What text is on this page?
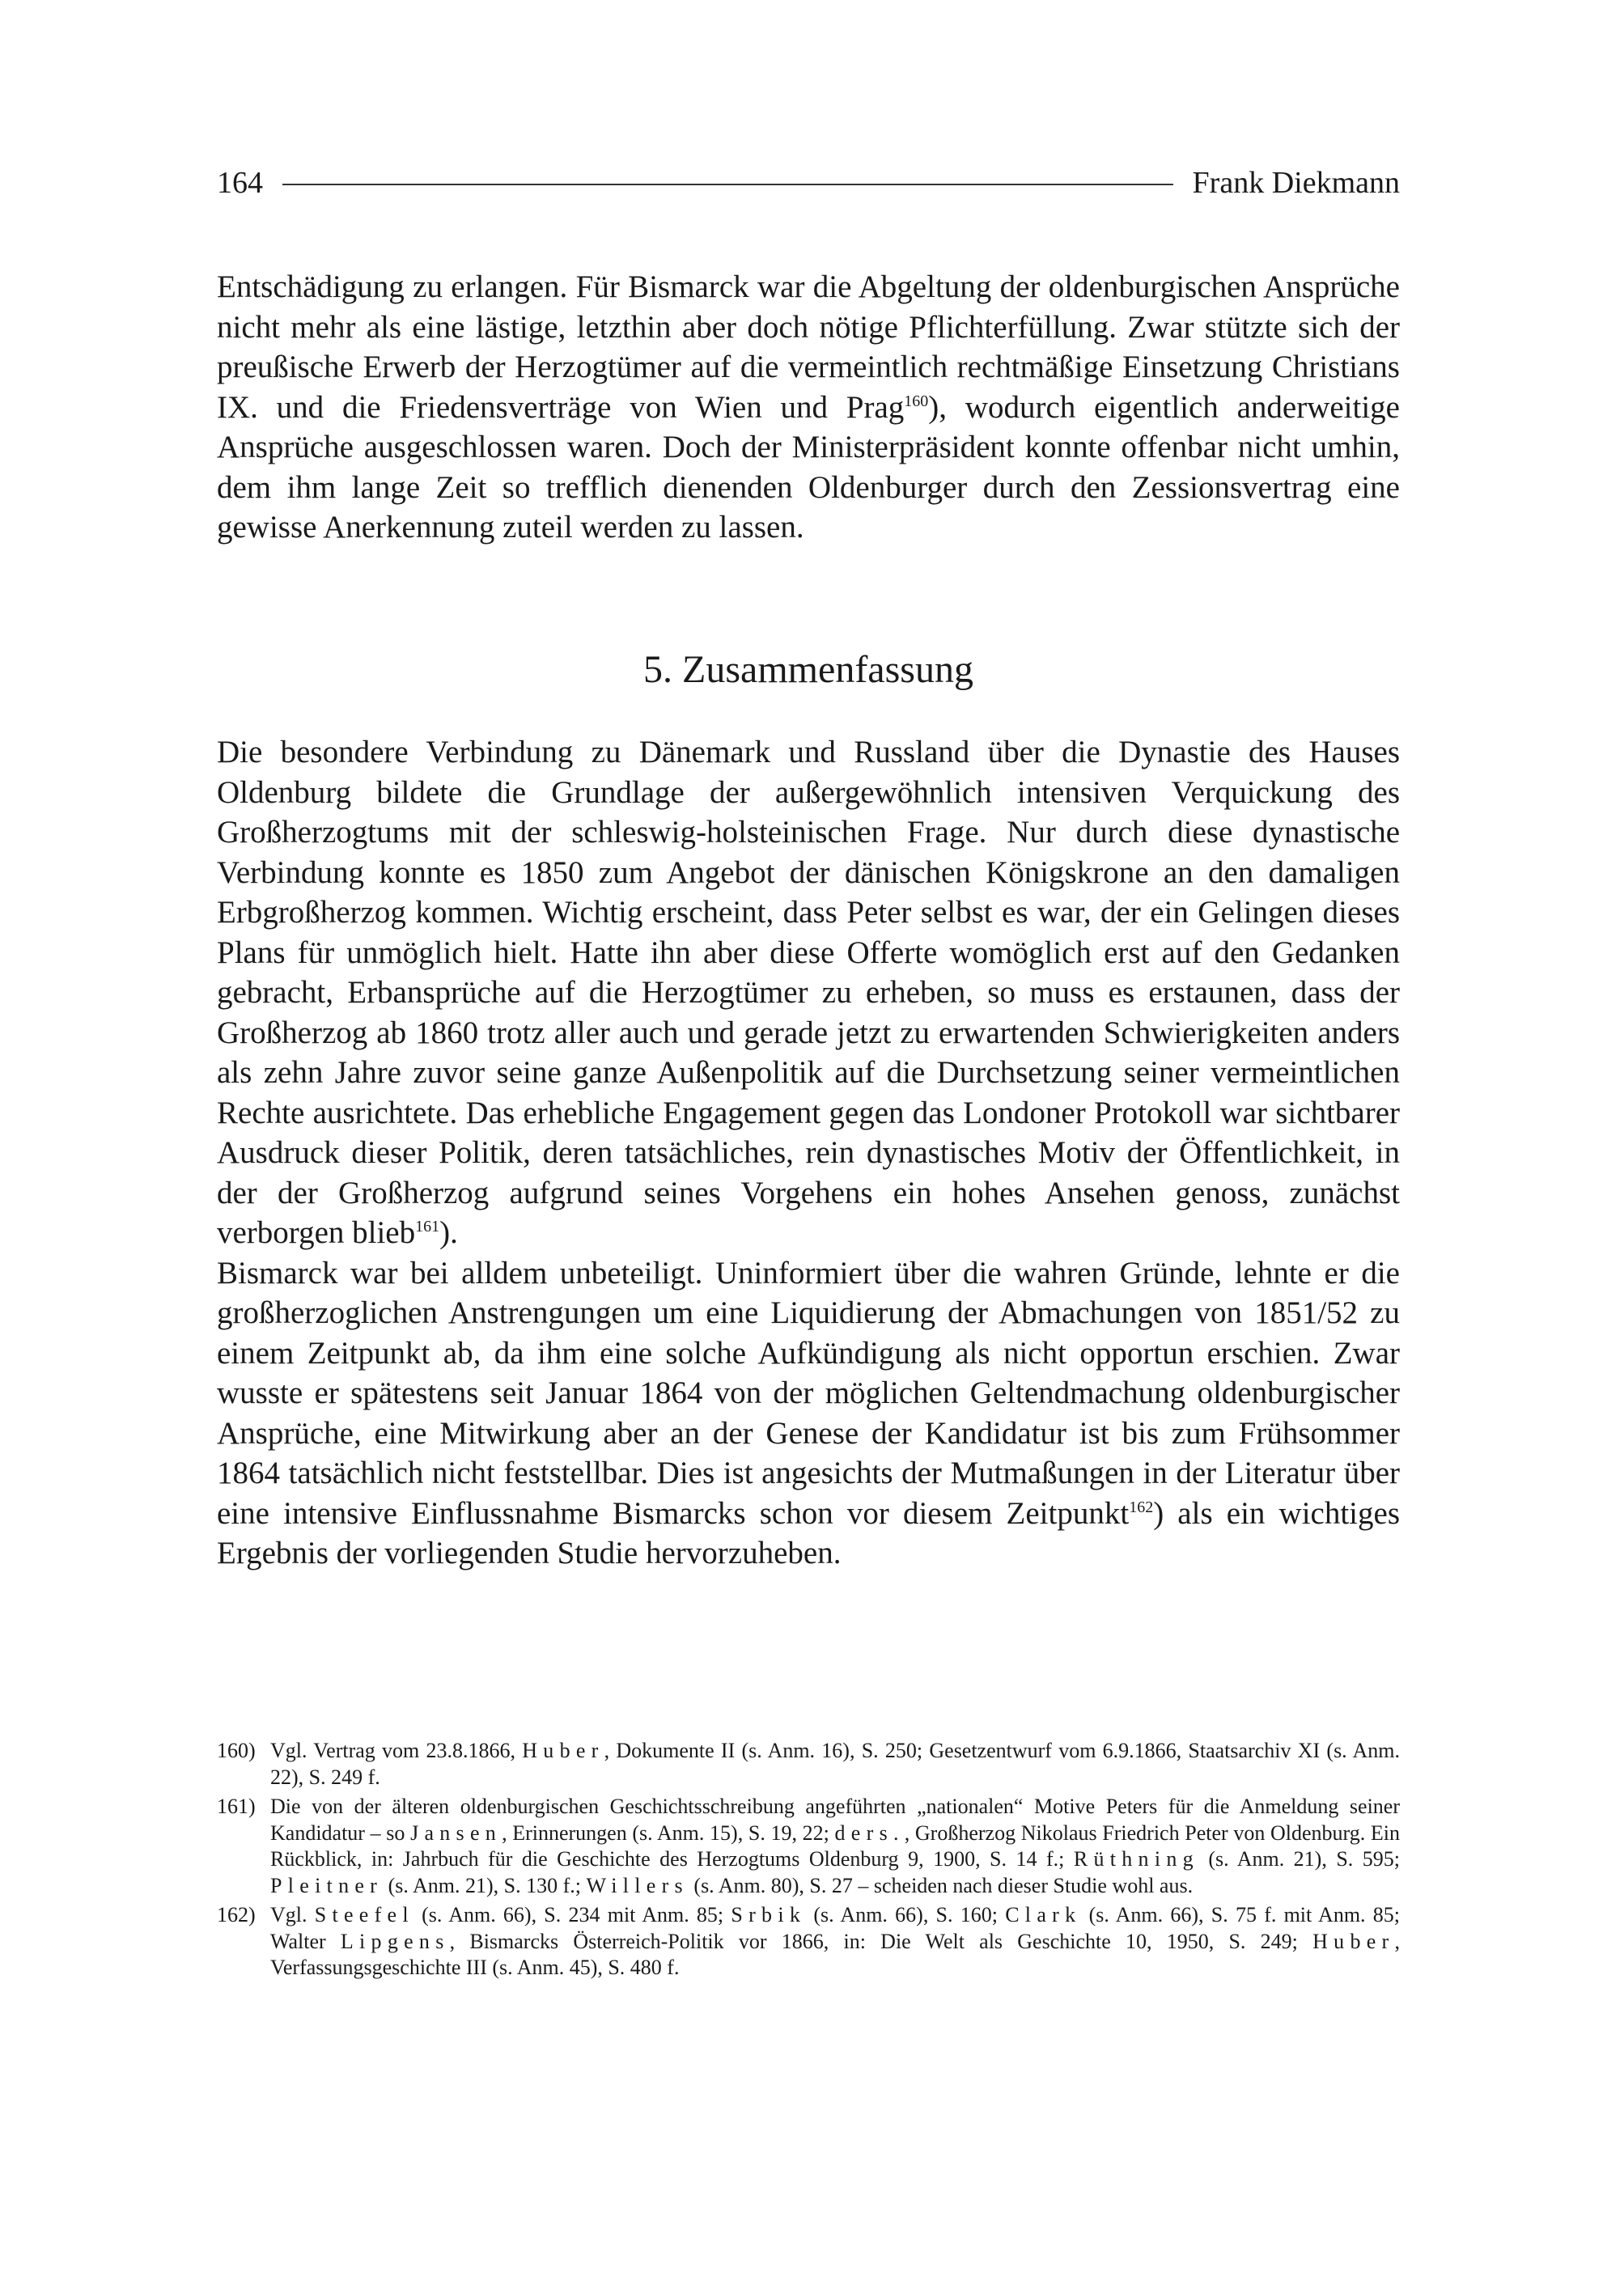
164	Frank Diekmann

Entschädigung zu erlangen. Für Bismarck war die Abgeltung der oldenburgischen Ansprüche nicht mehr als eine lästige, letzthin aber doch nötige Pflichterfüllung. Zwar stützte sich der preußische Erwerb der Herzogtümer auf die vermeintlich rechtmäßige Einsetzung Christians IX. und die Friedensverträge von Wien und Prag$^{160}$), wodurch eigentlich anderweitige Ansprüche ausgeschlossen waren. Doch der Ministerpräsident konnte offenbar nicht umhin, dem ihm lange Zeit so trefflich dienenden Oldenburger durch den Zessionsvertrag eine gewisse Anerkennung zuteil werden zu lassen.

5. Zusammenfassung

Die besondere Verbindung zu Dänemark und Russland über die Dynastie des Hauses Oldenburg bildete die Grundlage der außergewöhnlich intensiven Verquickung des Großherzogtums mit der schleswig-holsteinischen Frage. Nur durch diese dynastische Verbindung konnte es 1850 zum Angebot der dänischen Königskrone an den damaligen Erbgroßherzog kommen. Wichtig erscheint, dass Peter selbst es war, der ein Gelingen dieses Plans für unmöglich hielt. Hatte ihn aber diese Offerte womöglich erst auf den Gedanken gebracht, Erbansprüche auf die Herzogtümer zu erheben, so muss es erstaunen, dass der Großherzog ab 1860 trotz aller auch und gerade jetzt zu erwartenden Schwierigkeiten anders als zehn Jahre zuvor seine ganze Außenpolitik auf die Durchsetzung seiner vermeintlichen Rechte ausrichtete. Das erhebliche Engagement gegen das Londoner Protokoll war sichtbarer Ausdruck dieser Politik, deren tatsächliches, rein dynastisches Motiv der Öffentlichkeit, in der der Großherzog aufgrund seines Vorgehens ein hohes Ansehen genoss, zunächst verborgen blieb$^{161}$).

Bismarck war bei alldem unbeteiligt. Uninformiert über die wahren Gründe, lehnte er die großherzoglichen Anstrengungen um eine Liquidierung der Abmachungen von 1851/52 zu einem Zeitpunkt ab, da ihm eine solche Aufkündigung als nicht opportun erschien. Zwar wusste er spätestens seit Januar 1864 von der möglichen Geltendmachung oldenburgischer Ansprüche, eine Mitwirkung aber an der Genese der Kandidatur ist bis zum Frühsommer 1864 tatsächlich nicht feststellbar. Dies ist angesichts der Mutmaßungen in der Literatur über eine intensive Einflussnahme Bismarcks schon vor diesem Zeitpunkt$^{162}$) als ein wichtiges Ergebnis der vorliegenden Studie hervorzuheben.

160) Vgl. Vertrag vom 23.8.1866, Huber, Dokumente II (s. Anm. 16), S. 250; Gesetzentwurf vom 6.9.1866, Staatsarchiv XI (s. Anm. 22), S. 249 f.
161) Die von der älteren oldenburgischen Geschichtsschreibung angeführten „nationalen“ Motive Peters für die Anmeldung seiner Kandidatur – so Jansen, Erinnerungen (s. Anm. 15), S. 19, 22; ders., Großherzog Nikolaus Friedrich Peter von Oldenburg. Ein Rückblick, in: Jahrbuch für die Geschichte des Herzogtums Oldenburg 9, 1900, S. 14 f.; Rüthning (s. Anm. 21), S. 595; Pleitner (s. Anm. 21), S. 130 f.; Willers (s. Anm. 80), S. 27 – scheiden nach dieser Studie wohl aus.
162) Vgl. Steefel (s. Anm. 66), S. 234 mit Anm. 85; Srbik (s. Anm. 66), S. 160; Clark (s. Anm. 66), S. 75 f. mit Anm. 85; Walter Lipgens, Bismarcks Österreich-Politik vor 1866, in: Die Welt als Geschichte 10, 1950, S. 249; Huber, Verfassungsgeschichte III (s. Anm. 45), S. 480 f.
